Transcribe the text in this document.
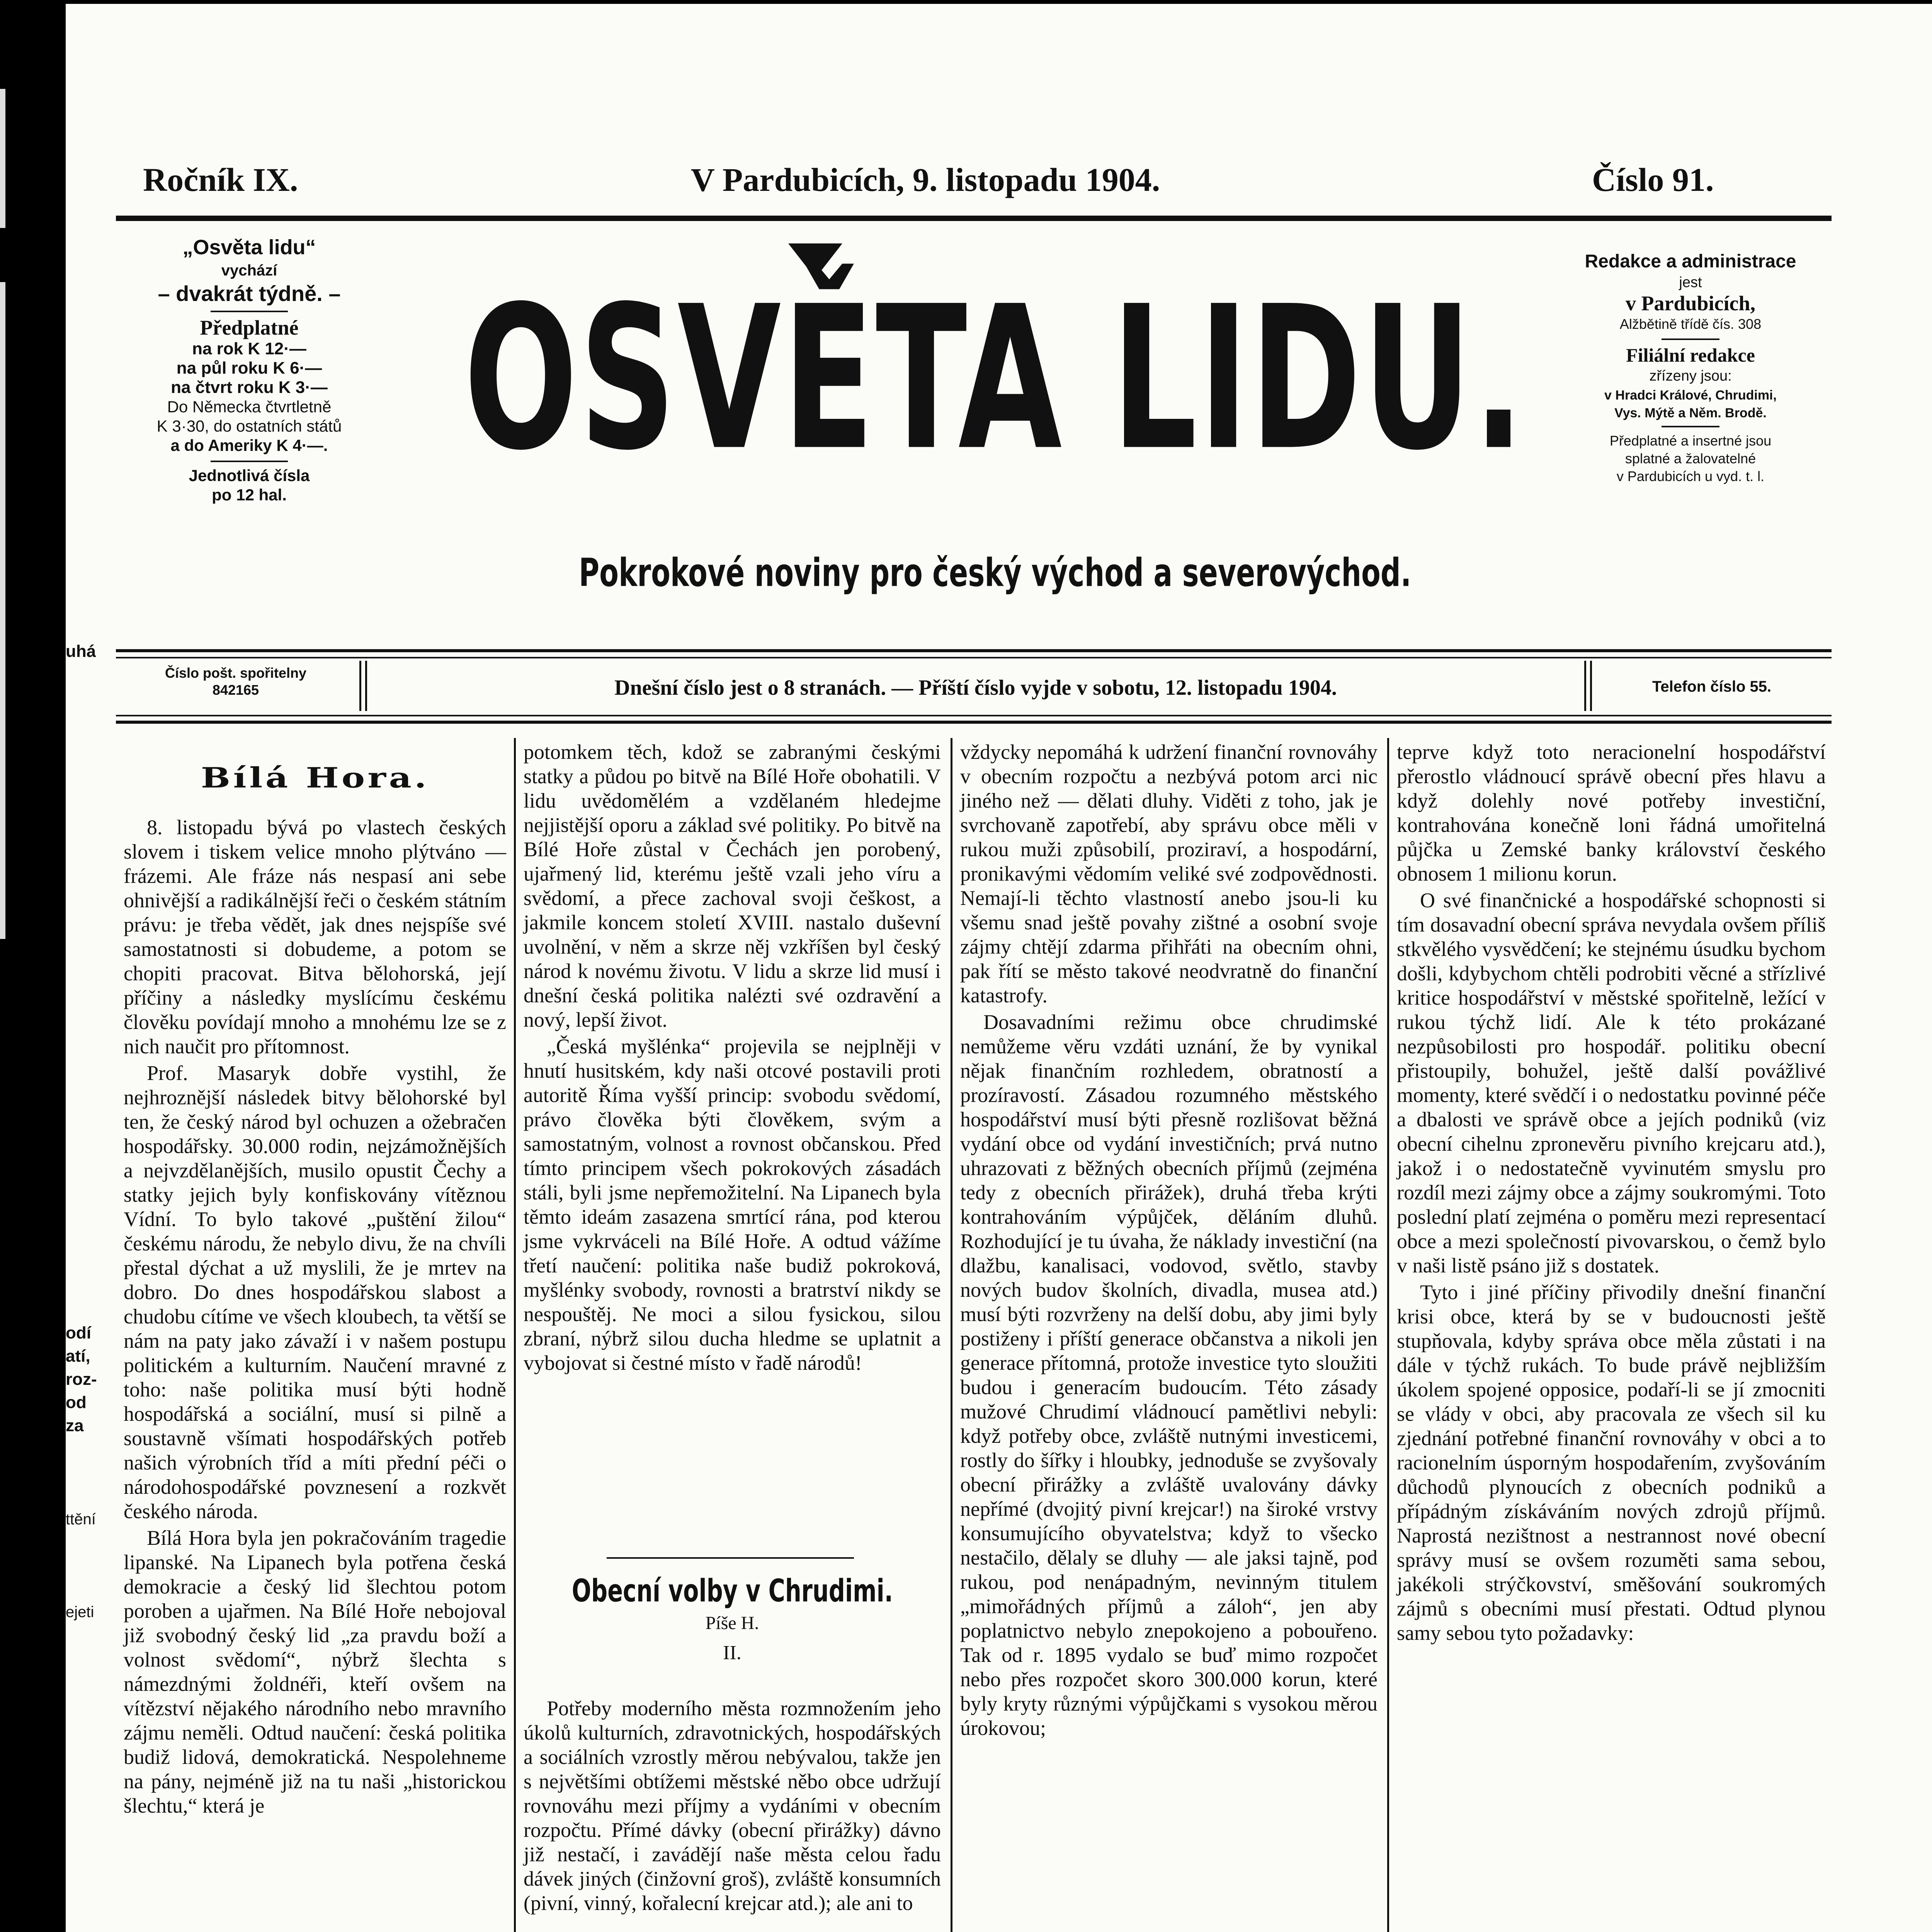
uhá
odí
atí,
roz-
od
za
ttění
ejeti
Ročník IX.	V Pardubicích, 9. listopadu 1904.	Číslo 91.
„Osvěta lidu“
vychází
– dvakrát týdně. –
Předplatné
na rok K 12·—
na půl roku K 6·—
na čtvrt roku K 3·—
Do Německa čtvrtletně
K 3·30, do ostatních států
a do Ameriky K 4·—.
Jednotlivá čísla
po 12 hal.
OSVĚTA LIDU.
Pokrokové noviny pro český východ a severovýchod.
Redakce a administrace
jest
v Pardubicích,
Alžbětině třídě čís. 308
Filiální redakce
zřízeny jsou:
v Hradci Králové, Chrudimi,
Vys. Mýtě a Něm. Brodě.
Předplatné a insertné jsou
splatné a žalovatelné
v Pardubicích u vyd. t. l.
Číslo pošt. spořitelny
842165	Dnešní číslo jest o 8 stranách. — Příští číslo vyjde v sobotu, 12. listopadu 1904.	Telefon číslo 55.
Bílá Hora.

8. listopadu bývá po vlastech českých slovem i tiskem velice mnoho plýtváno — frázemi. Ale fráze nás nespasí ani sebe ohnivější a radikálnější řeči o českém státním právu: je třeba vědět, jak dnes nejspíše své samostatnosti si dobudeme, a potom se chopiti pracovat. Bitva bělohorská, její příčiny a následky myslícímu českému člověku povídají mnoho a mnohému lze se z nich naučit pro přítomnost.

Prof. Masaryk dobře vystihl, že nejhroznější následek bitvy bělohorské byl ten, že český národ byl ochuzen a ožebračen hospodářsky. 30.000 rodin, nejzámožnějších a nejvzdělanějších, musilo opustit Čechy a statky jejich byly konfiskovány vítěznou Vídní. To bylo takové „puštění žilou“ českému národu, že nebylo divu, že na chvíli přestal dýchat a už myslili, že je mrtev na dobro. Do dnes hospodářskou slabost a chudobu cítíme ve všech kloubech, ta větší se nám na paty jako závaží i v našem postupu politickém a kulturním. Naučení mravné z toho: naše politika musí býti hodně hospodářská a sociální, musí si pilně a soustavně všímati hospodářských potřeb našich výrobních tříd a míti přední péči o národohospodářské povznesení a rozkvět českého národa.

Bílá Hora byla jen pokračováním tragedie lipanské. Na Lipanech byla potřena česká demokracie a český lid šlechtou potom poroben a ujařmen. Na Bílé Hoře nebojoval již svobodný český lid „za pravdu boží a volnost svědomí“, nýbrž šlechta s námezdnými žoldnéři, kteří ovšem na vítězství nějakého národního nebo mravního zájmu neměli. Odtud naučení: česká politika budiž lidová, demokratická. Nespolehneme na pány, nejméně již na tu naši „historickou šlechtu,“ která je

potomkem těch, kdož se zabranými českými statky a půdou po bitvě na Bílé Hoře obohatili. V lidu uvědomělém a vzdělaném hledejme nejjistější oporu a základ své politiky. Po bitvě na Bílé Hoře zůstal v Čechách jen porobený, ujařmený lid, kterému ještě vzali jeho víru a svědomí, a přece zachoval svoji češkost, a jakmile koncem století XVIII. nastalo duševní uvolnění, v něm a skrze něj vzkříšen byl český národ k novému životu. V lidu a skrze lid musí i dnešní česká politika nalézti své ozdravění a nový, lepší život.

„Česká myšlénka“ projevila se nejplněji v hnutí husitském, kdy naši otcové postavili proti autoritě Říma vyšší princip: svobodu svědomí, právo člověka býti člověkem, svým a samostatným, volnost a rovnost občanskou. Před tímto principem všech pokrokových zásadách stáli, byli jsme nepřemožitelní. Na Lipanech byla těmto ideám zasazena smrtící rána, pod kterou jsme vykrváceli na Bílé Hoře. A odtud vážíme třetí naučení: politika naše budiž pokroková, myšlénky svobody, rovnosti a bratrství nikdy se nespouštěj. Ne moci a silou fysickou, silou zbraní, nýbrž silou ducha hledme se uplatnit a vybojovat si čestné místo v řadě národů!

Obecní volby v Chrudimi.
Píše H.
II.

Potřeby moderního města rozmnožením jeho úkolů kulturních, zdravotnických, hospodářských a sociálních vzrostly měrou nebývalou, takže jen s největšími obtížemi městské něbo obce udržují rovnováhu mezi příjmy a vydáními v obecním rozpočtu. Přímé dávky (obecní přirážky) dávno již nestačí, i zavádějí naše města celou řadu dávek jiných (činžovní groš), zvláště konsumních (pivní, vinný, kořalecní krejcar atd.); ale ani to

vždycky nepomáhá k udržení finanční rovnováhy v obecním rozpočtu a nezbývá potom arci nic jiného než — dělati dluhy. Viděti z toho, jak je svrchovaně zapotřebí, aby správu obce měli v rukou muži způsobilí, proziraví, a hospodární, pronikavými vědomím veliké své zodpovědnosti. Nemají-li těchto vlastností anebo jsou-li ku všemu snad ještě povahy zištné a osobní svoje zájmy chtějí zdarma přihřáti na obecním ohni, pak řítí se město takové neodvratně do finanční katastrofy.

Dosavadními režimu obce chrudimské nemůžeme věru vzdáti uznání, že by vynikal nějak finančním rozhledem, obratností a prozíravostí. Zásadou rozumného městského hospodářství musí býti přesně rozlišovat běžná vydání obce od vydání investičních; prvá nutno uhrazovati z běžných obecních příjmů (zejména tedy z obecních přirážek), druhá třeba krýti kontrahováním výpůjček, děláním dluhů. Rozhodující je tu úvaha, že náklady investiční (na dlažbu, kanalisaci, vodovod, světlo, stavby nových budov školních, divadla, musea atd.) musí býti rozvrženy na delší dobu, aby jimi byly postiženy i příští generace občanstva a nikoli jen generace přítomná, protože investice tyto sloužiti budou i generacím budoucím. Této zásady mužové Chrudimí vládnoucí pamětlivi nebyli: když potřeby obce, zvláště nutnými investicemi, rostly do šířky i hloubky, jednoduše se zvyšovaly obecní přirážky a zvláště uvalovány dávky nepřímé (dvojitý pivní krejcar!) na široké vrstvy konsumujícího obyvatelstva; když to všecko nestačilo, dělaly se dluhy — ale jaksi tajně, pod rukou, pod nenápadným, nevinným titulem „mimořádných příjmů a záloh“, jen aby poplatnictvo nebylo znepokojeno a pobouřeno. Tak od r. 1895 vydalo se buď mimo rozpočet nebo přes rozpočet skoro 300.000 korun, které byly kryty různými výpůjčkami s vysokou měrou úrokovou;

teprve když toto neracionelní hospodářství přerostlo vládnoucí správě obecní přes hlavu a když dolehly nové potřeby investiční, kontrahována konečně loni řádná umořitelná půjčka u Zemské banky království českého obnosem 1 milionu korun.

O své finančnické a hospodářské schopnosti si tím dosavadní obecní správa nevydala ovšem příliš stkvělého vysvědčení; ke stejnému úsudku bychom došli, kdybychom chtěli podrobiti věcné a střízlivé kritice hospodářství v městské spořitelně, ležící v rukou týchž lidí. Ale k této prokázané nezpůsobilosti pro hospodář. politiku obecní přistoupily, bohužel, ještě další povážlivé momenty, které svědčí i o nedostatku povinné péče a dbalosti ve správě obce a jejích podniků (viz obecní cihelnu zpronevěru pivního krejcaru atd.), jakož i o nedostatečně vyvinutém smyslu pro rozdíl mezi zájmy obce a zájmy soukromými. Toto poslední platí zejména o poměru mezi representací obce a mezi společností pivovarskou, o čemž bylo v naši listě psáno již s dostatek.

Tyto i jiné příčiny přivodily dnešní finanční krisi obce, která by se v budoucnosti ještě stupňovala, kdyby správa obce měla zůstati i na dále v týchž rukách. To bude právě nejbližším úkolem spojené opposice, podaří-li se jí zmocniti se vlády v obci, aby pracovala ze všech sil ku zjednání potřebné finanční rovnováhy v obci a to racionelním úsporným hospodařením, zvyšováním důchodů plynoucích z obecních podniků a přípádným získáváním nových zdrojů příjmů. Naprostá nezištnost a nestrannost nové obecní správy musí se ovšem rozuměti sama sebou, jakékoli strýčkovství, směšování soukromých zájmů s obecními musí přestati. Odtud plynou samy sebou tyto požadavky:
